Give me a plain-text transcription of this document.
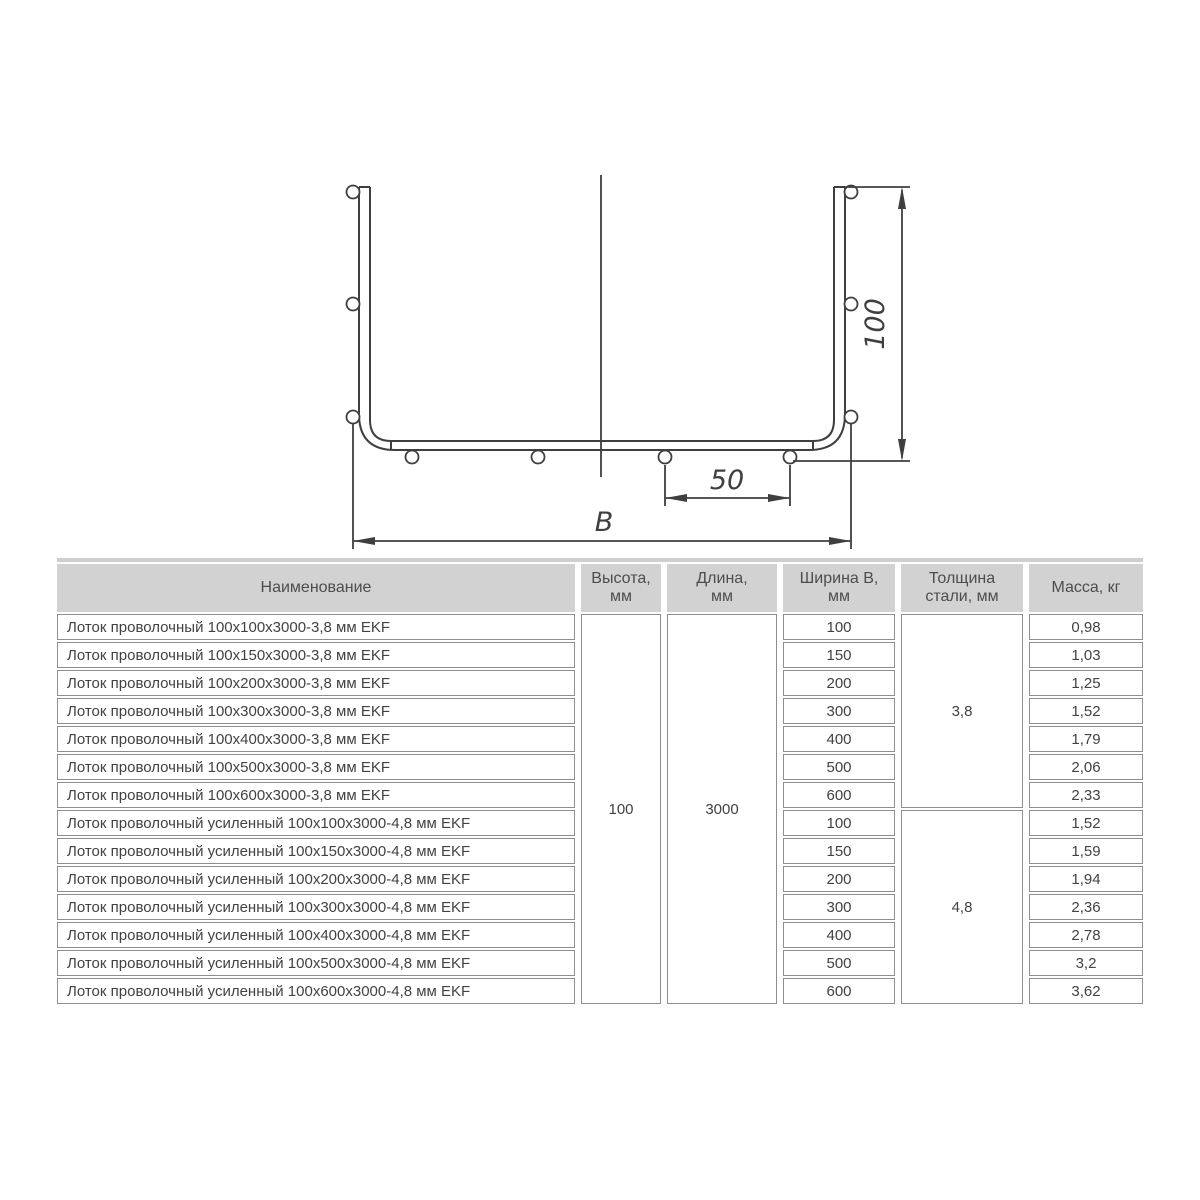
100
50
B
Наименование	Высота, мм	Длина, мм	Ширина B, мм	Толщина стали, мм	Масса, кг
Лоток проволочный 100х100х3000-3,8 мм EKF	100	3000	100	3,8	0,98
Лоток проволочный 100х150х3000-3,8 мм EKF			150		1,03
Лоток проволочный 100х200х3000-3,8 мм EKF			200		1,25
Лоток проволочный 100х300х3000-3,8 мм EKF			300		1,52
Лоток проволочный 100х400х3000-3,8 мм EKF			400		1,79
Лоток проволочный 100х500х3000-3,8 мм EKF			500		2,06
Лоток проволочный 100х600х3000-3,8 мм EKF			600		2,33
Лоток проволочный усиленный 100х100х3000-4,8 мм EKF			100	4,8	1,52
Лоток проволочный усиленный 100х150х3000-4,8 мм EKF			150		1,59
Лоток проволочный усиленный 100х200х3000-4,8 мм EKF			200		1,94
Лоток проволочный усиленный 100х300х3000-4,8 мм EKF			300		2,36
Лоток проволочный усиленный 100х400х3000-4,8 мм EKF			400		2,78
Лоток проволочный усиленный 100х500х3000-4,8 мм EKF			500		3,2
Лоток проволочный усиленный 100х600х3000-4,8 мм EKF			600		3,62
